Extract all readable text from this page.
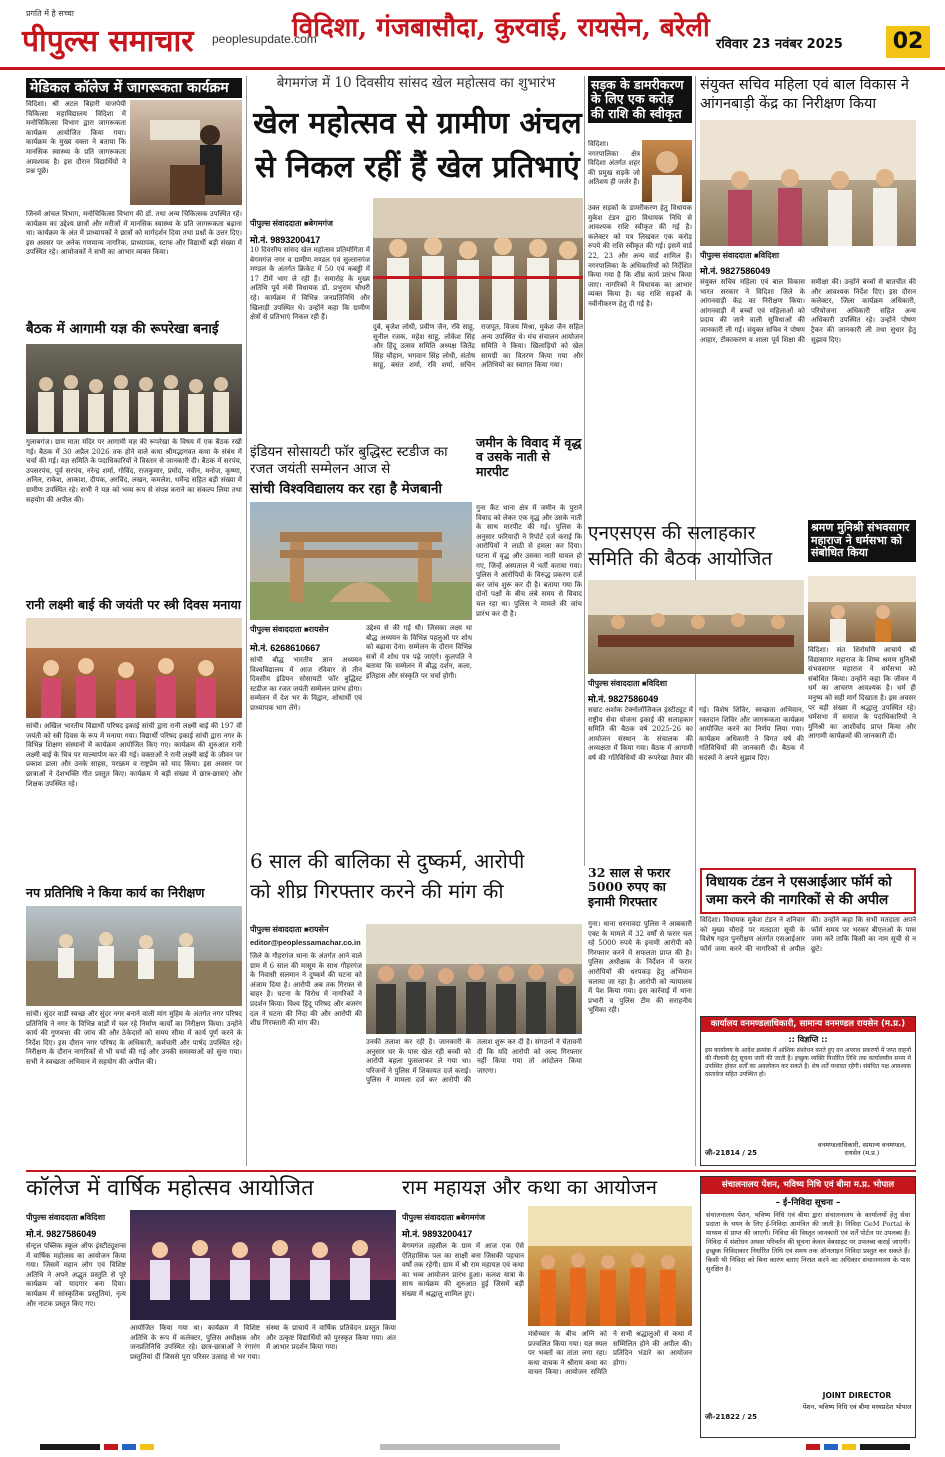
प्रगति में है सच्चा
पीपुल्स समाचार peoplesupdate.com
विदिशा, गंजबासौदा, कुरवाई, रायसेन, बरेली
रविवार 23 नवंबर 2025	02
मेडिकल कॉलेज में जागरूकता कार्यक्रम
विदिशा। श्री अटल बिहारी वाजपेयी चिकित्सा महाविद्यालय विदिशा में मनोचिकित्सा विभाग द्वारा जागरूकता कार्यक्रम आयोजित किया गया। कार्यक्रम के मुख्य वक्ता ने बताया कि मानसिक स्वास्थ्य के प्रति जागरूकता आवश्यक है। इस दौरान विद्यार्थियों ने प्रश्न पूछे।
जिनमें आंचल विभाग, मनोचिकित्सा विभाग की डॉ. तथा अन्य चिकित्सक उपस्थित रहे। कार्यक्रम का उद्देश्य छात्रों और मरीजों में मानसिक स्वास्थ्य के प्रति जागरूकता बढ़ाना था। कार्यक्रम के अंत में प्राध्यापकों ने छात्रों को मार्गदर्शन दिया तथा प्रश्नों के उत्तर दिए। इस अवसर पर अनेक गणमान्य नागरिक, प्राध्यापक, स्टाफ और विद्यार्थी बड़ी संख्या में उपस्थित रहे। आयोजकों ने सभी का आभार व्यक्त किया।
बैठक में आगामी यज्ञ की रूपरेखा बनाई
गुलाबगंज। ग्राम माता मंदिर पर आगामी यज्ञ की रूपरेखा के विषय में एक बैठक रखी गई। बैठक में 30 अप्रैल 2026 तक होने वाले कथा श्रीमद्भागवत कथा के संबंध में चर्चा की गई। यज्ञ समिति के पदाधिकारियों ने विस्तार से जानकारी दी। बैठक में सरपंच, उपसरपंच, पूर्व सरपंच, नरेन्द्र शर्मा, गोविंद, राजकुमार, प्रमोद, नवीन, मनोज, कृष्णा, अनिल, राकेश, आकाश, दीपक, अरविंद, लखन, कमलेश, धर्मेन्द्र सहित बड़ी संख्या में ग्रामीण उपस्थित रहे। सभी ने यज्ञ को भव्य रूप से संपन्न कराने का संकल्प लिया तथा सहयोग की अपील की।
रानी लक्ष्मी बाई की जयंती पर स्त्री दिवस मनाया
सांची। अखिल भारतीय विद्यार्थी परिषद इकाई सांची द्वारा रानी लक्ष्मी बाई की 197 वीं जयंती को स्त्री दिवस के रूप में मनाया गया। विद्यार्थी परिषद इकाई सांची द्वारा नगर के विभिन्न शिक्षण संस्थानों में कार्यक्रम आयोजित किए गए। कार्यक्रम की शुरुआत रानी लक्ष्मी बाई के चित्र पर माल्यार्पण कर की गई। वक्ताओं ने रानी लक्ष्मी बाई के जीवन पर प्रकाश डाला और उनके साहस, पराक्रम व राष्ट्रप्रेम को याद किया। इस अवसर पर छात्राओं ने देशभक्ति गीत प्रस्तुत किए। कार्यक्रम में बड़ी संख्या में छात्र-छात्राएं और शिक्षक उपस्थित रहे।
नप प्रतिनिधि ने किया कार्य का निरीक्षण
सांची। सुंदर वार्डी स्वच्छ और सुंदर नगर बनाने वाली मांग मुहिम के अंतर्गत नगर परिषद प्रतिनिधि ने नगर के विभिन्न वार्डों में चल रहे निर्माण कार्यों का निरीक्षण किया। उन्होंने कार्य की गुणवत्ता की जांच की और ठेकेदारों को समय सीमा में कार्य पूर्ण करने के निर्देश दिए। इस दौरान नगर परिषद के अधिकारी, कर्मचारी और पार्षद उपस्थित रहे। निरीक्षण के दौरान नागरिकों से भी चर्चा की गई और उनकी समस्याओं को सुना गया। सभी ने स्वच्छता अभियान में सहयोग की अपील की।
बेगमगंज में 10 दिवसीय सांसद खेल महोत्सव का शुभारंभ
खेल महोत्सव से ग्रामीण अंचल
से निकल रहीं हैं खेल प्रतिभाएं
पीपुल्स संवाददाता ■बेगमगंज
मो.नं. 9893200417
10 दिवसीय सांसद खेल महोत्सव प्रतियोगिता में बेगमगंज नगर व ग्रामीण मण्डल एवं सुल्तानगंज मण्डल के अंतर्गत क्रिकेट में 50 एवं कबड्डी में 17 टीमें भाग ले रही हैं। समारोह के मुख्य अतिथि पूर्व मंत्री विधायक डॉ. प्रभुराम चौधरी रहे। कार्यक्रम में विभिन्न जनप्रतिनिधि और खिलाड़ी उपस्थित थे। उन्होंने कहा कि ग्रामीण क्षेत्रों से प्रतिभाएं निकल रही हैं।
दुबे, बृजेश लोधी, प्रवीण जैन, रवि साहू, सुनील रजक, महेश साहू, लोकेश सिंह और हिंदू उत्सव समिति अध्यक्ष जितेंद्र सिंह चौहान, भगवान सिंह लोधी, संतोष साहू, बसंत शर्मा, रवि शर्मा, सचिन राजपूत, विजय मिश्रा, मुकेश जैन सहित अन्य उपस्थित थे। मंच संचालन आयोजन समिति ने किया। खिलाड़ियों को खेल सामग्री का वितरण किया गया और अतिथियों का स्वागत किया गया।
सड़क के डामरीकरण के लिए एक करोड़ की राशि की स्वीकृत
विदिशा। नगरपालिका क्षेत्र विदिशा अंतर्गत शहर की प्रमुख सड़कें जो अतिशय ही जर्जर हैं।
उक्त सड़कों के डामरीकरण हेतु विधायक मुकेश टंडन द्वारा विधायक निधि से आवश्यक राशि स्वीकृत की गई है। कलेक्टर को पत्र लिखकर एक करोड़ रुपये की राशि स्वीकृत की गई। इसमें वार्ड 22, 23 और अन्य वार्ड शामिल हैं। नगरपालिका के अधिकारियों को निर्देशित किया गया है कि शीघ्र कार्य प्रारंभ किया जाए। नागरिकों ने विधायक का आभार व्यक्त किया है। यह राशि सड़कों के नवीनीकरण हेतु दी गई है।
संयुक्त सचिव महिला एवं बाल विकास ने आंगनबाड़ी केंद्र का निरीक्षण किया
पीपुल्स संवाददाता ■विदिशा
मो.नं. 9827586049
संयुक्त सचिव महिला एवं बाल विकास भारत सरकार ने विदिशा जिले के आंगनवाड़ी केंद्र का निरीक्षण किया। आंगनवाड़ी में बच्चों एवं महिलाओं को प्रदाय की जाने वाली सुविधाओं की जानकारी ली गई। संयुक्त सचिव ने पोषण आहार, टीकाकरण व शाला पूर्व शिक्षा की समीक्षा की। उन्होंने बच्चों से बातचीत की और आवश्यक निर्देश दिए। इस दौरान कलेक्टर, जिला कार्यक्रम अधिकारी, परियोजना अधिकारी सहित अन्य अधिकारी उपस्थित रहे। उन्होंने पोषण ट्रैकर की जानकारी ली तथा सुधार हेतु सुझाव दिए।
इंडियन सोसायटी फॉर बुद्धिस्ट स्टडीज का रजत जयंती सम्मेलन आज से
सांची विश्वविद्यालय कर रहा है मेजबानी
पीपुल्स संवाददाता ■रायसेन
मो.नं. 6268610667
सांची बौद्ध भारतीय ज्ञान अध्ययन विश्वविद्यालय में आज रविवार से तीन दिवसीय इंडियन सोसायटी फॉर बुद्धिस्ट स्टडीज का रजत जयंती सम्मेलन प्रारंभ होगा। सम्मेलन में देश भर के विद्वान, शोधार्थी एवं प्राध्यापक भाग लेंगे।
उद्देश्य से की गई थी। जिसका लक्ष्य था बौद्ध अध्ययन के विभिन्न पहलुओं पर शोध को बढ़ावा देना। सम्मेलन के दौरान विभिन्न सत्रों में शोध पत्र पढ़े जाएंगे। कुलपति ने बताया कि सम्मेलन में बौद्ध दर्शन, कला, इतिहास और संस्कृति पर चर्चा होगी।
जमीन के विवाद में वृद्ध व उसके नाती से मारपीट
गुना कैंट थाना क्षेत्र में जमीन के पुराने विवाद को लेकर एक वृद्ध और उसके नाती के साथ मारपीट की गई। पुलिस के अनुसार फरियादी ने रिपोर्ट दर्ज कराई कि आरोपियों ने लाठी से हमला कर दिया। घटना में वृद्ध और उसका नाती घायल हो गए, जिन्हें अस्पताल में भर्ती कराया गया। पुलिस ने आरोपियों के विरुद्ध प्रकरण दर्ज कर जांच शुरू कर दी है। बताया गया कि दोनों पक्षों के बीच लंबे समय से विवाद चल रहा था। पुलिस ने मामले की जांच प्रारंभ कर दी है।
एनएसएस की सलाहकार समिति की बैठक आयोजित
पीपुल्स संवाददाता ■विदिशा
मो.नं. 9827586049
सम्राट अशोक टेक्नोलॉजिकल इंस्टीट्यूट में राष्ट्रीय सेवा योजना इकाई की सलाहकार समिति की बैठक वर्ष 2025-26 का आयोजन संस्थान के संचालक की अध्यक्षता में किया गया। बैठक में आगामी वर्ष की गतिविधियों की रूपरेखा तैयार की गई। विशेष शिविर, स्वच्छता अभियान, रक्तदान शिविर और जागरूकता कार्यक्रम आयोजित करने का निर्णय लिया गया। कार्यक्रम अधिकारी ने विगत वर्ष की गतिविधियों की जानकारी दी। बैठक में सदस्यों ने अपने सुझाव दिए।
श्रमण मुनिश्री संभवसागर महाराज ने धर्मसभा को संबोधित किया
विदिशा। संत शिरोमणि आचार्य श्री विद्यासागर महाराज के शिष्य श्रमण मुनिश्री संभवसागर महाराज ने धर्मसभा को संबोधित किया। उन्होंने कहा कि जीवन में धर्म का आचरण आवश्यक है। धर्म ही मनुष्य को सही मार्ग दिखाता है। इस अवसर पर बड़ी संख्या में श्रद्धालु उपस्थित रहे। धर्मसभा में समाज के पदाधिकारियों ने मुनिश्री का आशीर्वाद प्राप्त किया और आगामी कार्यक्रमों की जानकारी दी।
6 साल की बालिका से दुष्कर्म, आरोपी
को शीघ्र गिरफ्तार करने की मांग की
पीपुल्स संवाददाता ■रायसेन
editor@peoplessamachar.co.in
जिले के गौहरगंज थाना के अंतर्गत आने वाले ग्राम में 6 साल की मासूम के साथ गौहरगंज के निवासी सलमान ने दुष्कर्म की घटना को अंजाम दिया है। आरोपी अब तक गिरफ्त से बाहर है। घटना के विरोध में नागरिकों ने प्रदर्शन किया। विश्व हिंदू परिषद और बजरंग दल ने घटना की निंदा की और आरोपी की शीघ्र गिरफ्तारी की मांग की।
उनकी तलाश कर रही है। जानकारी के अनुसार घर के पास खेल रही बच्ची को आरोपी बहला फुसलाकर ले गया था। परिजनों ने पुलिस में शिकायत दर्ज कराई। पुलिस ने मामला दर्ज कर आरोपी की तलाश शुरू कर दी है। संगठनों ने चेतावनी दी कि यदि आरोपी को जल्द गिरफ्तार नहीं किया गया तो आंदोलन किया जाएगा।
32 साल से फरार 5000 रुपए का इनामी गिरफ्तार
गुना। थाना धरनावदा पुलिस ने आबकारी एक्ट के मामले में 32 वर्षों से फरार चल रहे 5000 रुपये के इनामी आरोपी को गिरफ्तार करने में सफलता प्राप्त की है। पुलिस अधीक्षक के निर्देशन में फरार आरोपियों की धरपकड़ हेतु अभियान चलाया जा रहा है। आरोपी को न्यायालय में पेश किया गया। इस कार्रवाई में थाना प्रभारी व पुलिस टीम की सराहनीय भूमिका रही।
विधायक टंडन ने एसआईआर फॉर्म को जमा करने की नागरिकों से की अपील
विदिशा। विधायक मुकेश टंडन ने शनिवार को मुख्य चौराहे पर मतदाता सूची के विशेष गहन पुनरीक्षण अंतर्गत एसआईआर फॉर्म जमा करने की नागरिकों से अपील की। उन्होंने कहा कि सभी मतदाता अपने फॉर्म समय पर भरकर बीएलओ के पास जमा करें ताकि किसी का नाम सूची से न छूटे।
कार्यालय वनमण्डलाधिकारी, सामान्य वनमण्डल रायसेन (म.प्र.)
:: विज्ञप्ति ::
इस कार्यालय के आदेश क्रमांक में आंशिक संशोधन करते हुए वन अपराध प्रकरणों में जप्त वाहनों की नीलामी हेतु सूचना जारी की जाती है। इच्छुक व्यक्ति निर्धारित तिथि तक कार्यालयीन समय में उपस्थित होकर शर्तों का अवलोकन कर सकते हैं। शेष शर्तें यथावत रहेंगी। संबंधित पक्ष आवश्यक दस्तावेज सहित उपस्थित हों।
जी–21814 / 25
वनमण्डलाधिकारी, सामान्य वनमण्डल, रायसेन (म.प्र.)
कॉलेज में वार्षिक महोत्सव आयोजित
पीपुल्स संवाददाता ■विदिशा
मो.नं. 9827586049
सेन्ट्रल पब्लिक स्कूल ऑफ इंस्टीट्यूशन्स में वार्षिक महोत्सव का आयोजन किया गया। जिसमें महान लोग एवं विशिष्ट अतिथि ने अपने अद्भुत प्रस्तुति से पूरे कार्यक्रम को यादगार बना दिया। कार्यक्रम में सांस्कृतिक प्रस्तुतियां, नृत्य और नाटक प्रस्तुत किए गए।
आयोजित किया गया था। कार्यक्रम में विशिष्ट अतिथि के रूप में कलेक्टर, पुलिस अधीक्षक और जनप्रतिनिधि उपस्थित रहे। छात्र-छात्राओं ने रंगारंग प्रस्तुतियां दीं जिससे पूरा परिसर उत्साह से भर गया। संस्था के प्राचार्य ने वार्षिक प्रतिवेदन प्रस्तुत किया और उत्कृष्ट विद्यार्थियों को पुरस्कृत किया गया। अंत में आभार प्रदर्शन किया गया।
राम महायज्ञ और कथा का आयोजन
पीपुल्स संवाददाता ■बेगमगंज
मो.नं. 9893200417
बेगमगंज तहसील के ग्राम में आज एक ऐसे ऐतिहासिक पल का साक्षी बना जिसकी पहचान वर्षों तक रहेगी। ग्राम में श्री राम महायज्ञ एवं कथा का भव्य आयोजन प्रारंभ हुआ। कलश यात्रा के साथ कार्यक्रम की शुरुआत हुई जिसमें बड़ी संख्या में श्रद्धालु शामिल हुए।
मंत्रोच्चार के बीच अग्नि को प्रज्वलित किया गया। यज्ञ स्थल पर भक्तों का तांता लगा रहा। कथा वाचक ने श्रीराम कथा का वाचन किया। आयोजन समिति ने सभी श्रद्धालुओं से कथा में सम्मिलित होने की अपील की। प्रतिदिन भंडारे का आयोजन होगा।
संचालनालय पेंशन, भविष्य निधि एवं बीमा म.प्र. भोपाल
– ई–निविदा सूचना –
संचालनालय पेंशन, भविष्य निधि एवं बीमा द्वारा संचालनालय के कार्यालयों हेतु सेवा प्रदाता के चयन के लिए ई-निविदा आमंत्रित की जाती है। निविदा GeM Portal के माध्यम से प्राप्त की जाएगी। निविदा की विस्तृत जानकारी एवं शर्तें पोर्टल पर उपलब्ध हैं। निविदा में संशोधन अथवा परिवर्तन की सूचना केवल वेबसाइट पर उपलब्ध कराई जाएगी। इच्छुक निविदाकार निर्धारित तिथि एवं समय तक ऑनलाइन निविदा प्रस्तुत कर सकते हैं। किसी भी निविदा को बिना कारण बताए निरस्त करने का अधिकार संचालनालय के पास सुरक्षित है।
जी–21822 / 25
JOINT DIRECTOR
पेंशन, भविष्य निधि एवं बीमा मध्यप्रदेश भोपाल
